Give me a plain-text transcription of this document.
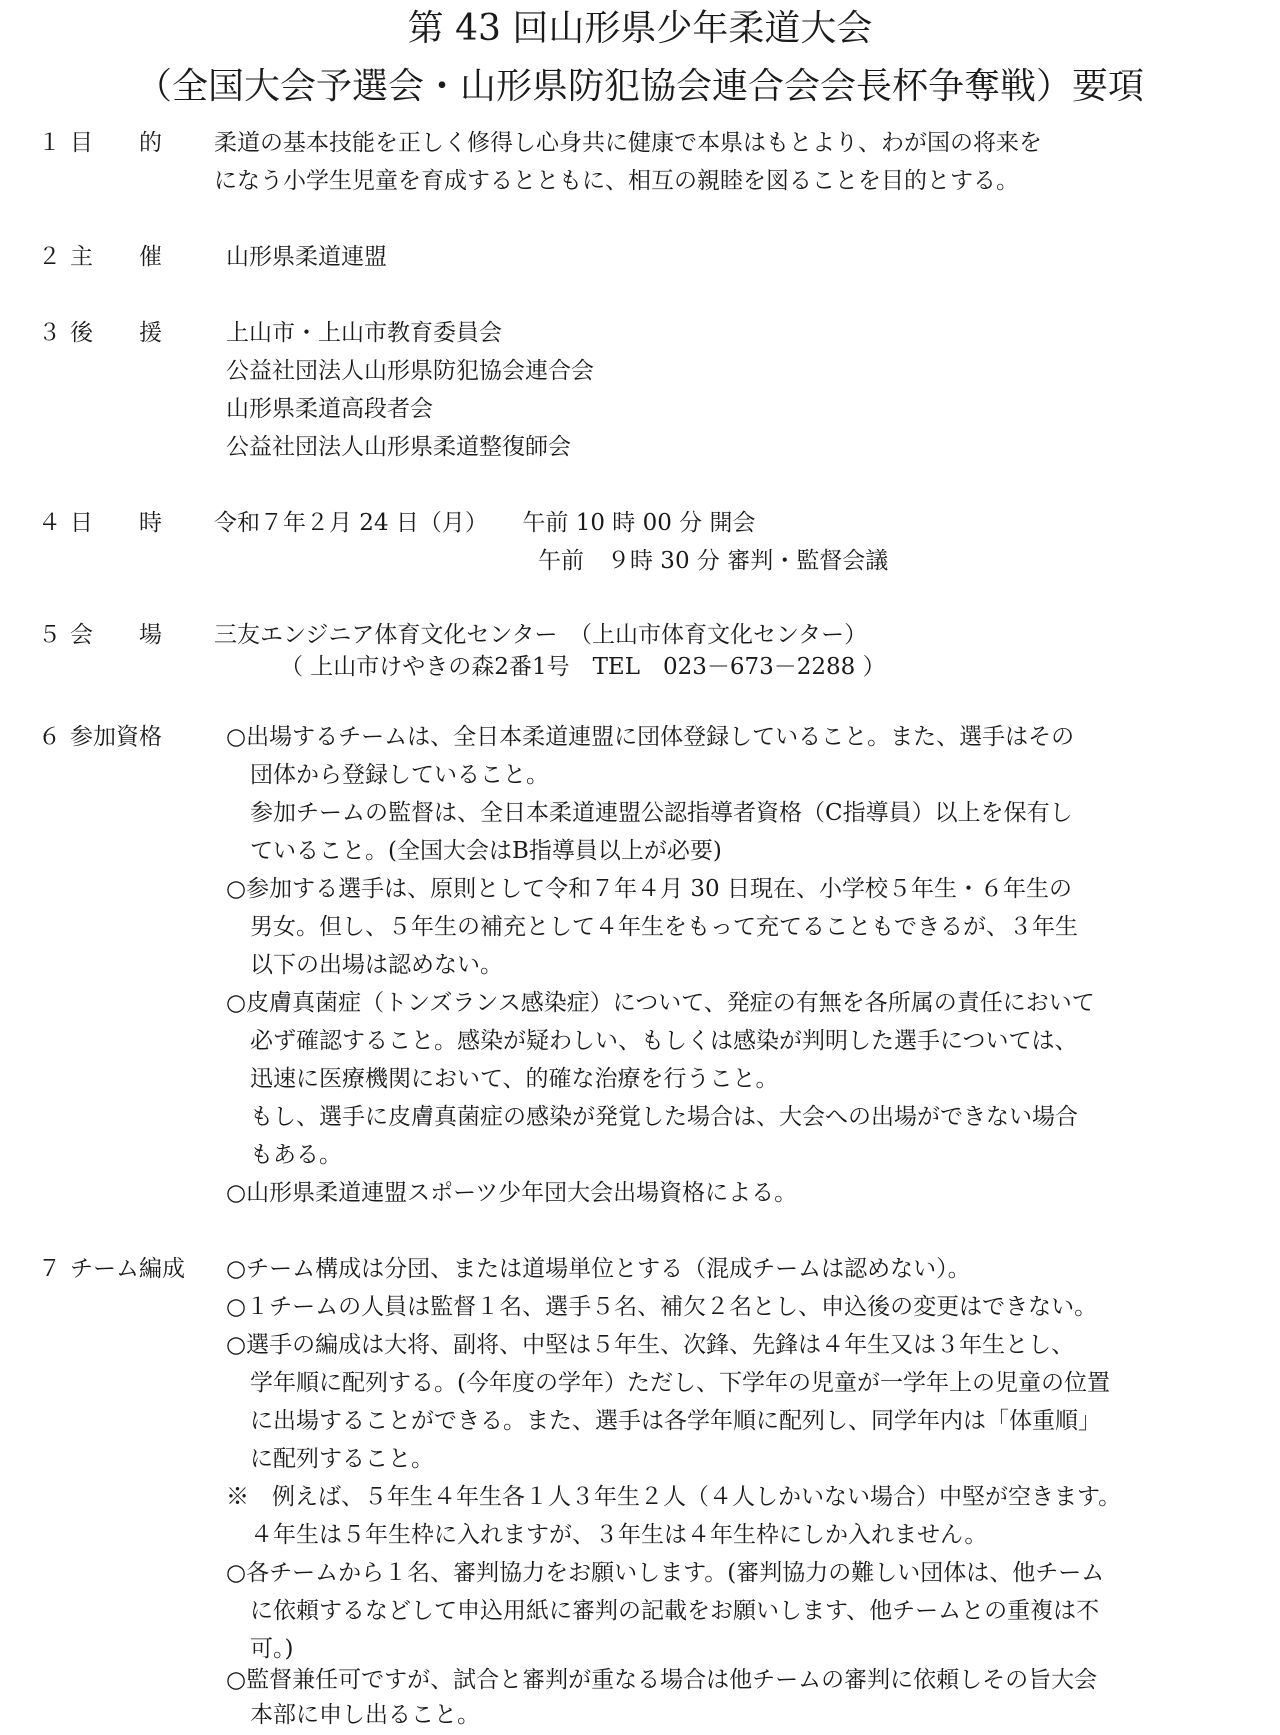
第 43 回山形県少年柔道大会
（全国大会予選会・山形県防犯協会連合会会長杯争奪戦）要項
１ 目　　的 柔道の基本技能を正しく修得し心身共に健康で本県はもとより、わが国の将来を
になう小学生児童を育成するとともに、相互の親睦を図ることを目的とする。
２ 主　　催	山形県柔道連盟
３ 後　　援	上山市・上山市教育委員会
公益社団法人山形県防犯協会連合会
山形県柔道高段者会
公益社団法人山形県柔道整復師会
４ 日　　時 令和７年２月 24 日（月）　　午前 10 時 00 分 開会
午前　９時 30 分 審判・監督会議
５ 会　　場 三友エンジニア体育文化センター　（上山市体育文化センター）
（ 上山市けやきの森2番1号　TEL　023－673－2288 ）
６ 参加資格	○出場するチームは、全日本柔道連盟に団体登録していること。また、選手はその
団体から登録していること。
参加チームの監督は、全日本柔道連盟公認指導者資格（C指導員）以上を保有し
ていること。(全国大会はB指導員以上が必要)
○参加する選手は、原則として令和７年４月 30 日現在、小学校５年生・６年生の
男女。但し、５年生の補充として４年生をもって充てることもできるが、３年生
以下の出場は認めない。
○皮膚真菌症（トンズランス感染症）について、発症の有無を各所属の責任において
必ず確認すること。感染が疑わしい、もしくは感染が判明した選手については、
迅速に医療機関において、的確な治療を行うこと。
もし、選手に皮膚真菌症の感染が発覚した場合は、大会への出場ができない場合
もある。
○山形県柔道連盟スポーツ少年団大会出場資格による。
７ チーム編成 ○チーム構成は分団、または道場単位とする（混成チームは認めない）。
○１チームの人員は監督１名、選手５名、補欠２名とし、申込後の変更はできない。
○選手の編成は大将、副将、中堅は５年生、次鋒、先鋒は４年生又は３年生とし、
学年順に配列する。(今年度の学年）ただし、下学年の児童が一学年上の児童の位置
に出場することができる。また、選手は各学年順に配列し、同学年内は「体重順」
に配列すること。
※　例えば、５年生４年生各１人３年生２人（４人しかいない場合）中堅が空きます。
４年生は５年生枠に入れますが、３年生は４年生枠にしか入れません。
○各チームから１名、審判協力をお願いします。(審判協力の難しい団体は、他チーム
に依頼するなどして申込用紙に審判の記載をお願いします、他チームとの重複は不
可。)
○監督兼任可ですが、試合と審判が重なる場合は他チームの審判に依頼しその旨大会
本部に申し出ること。
